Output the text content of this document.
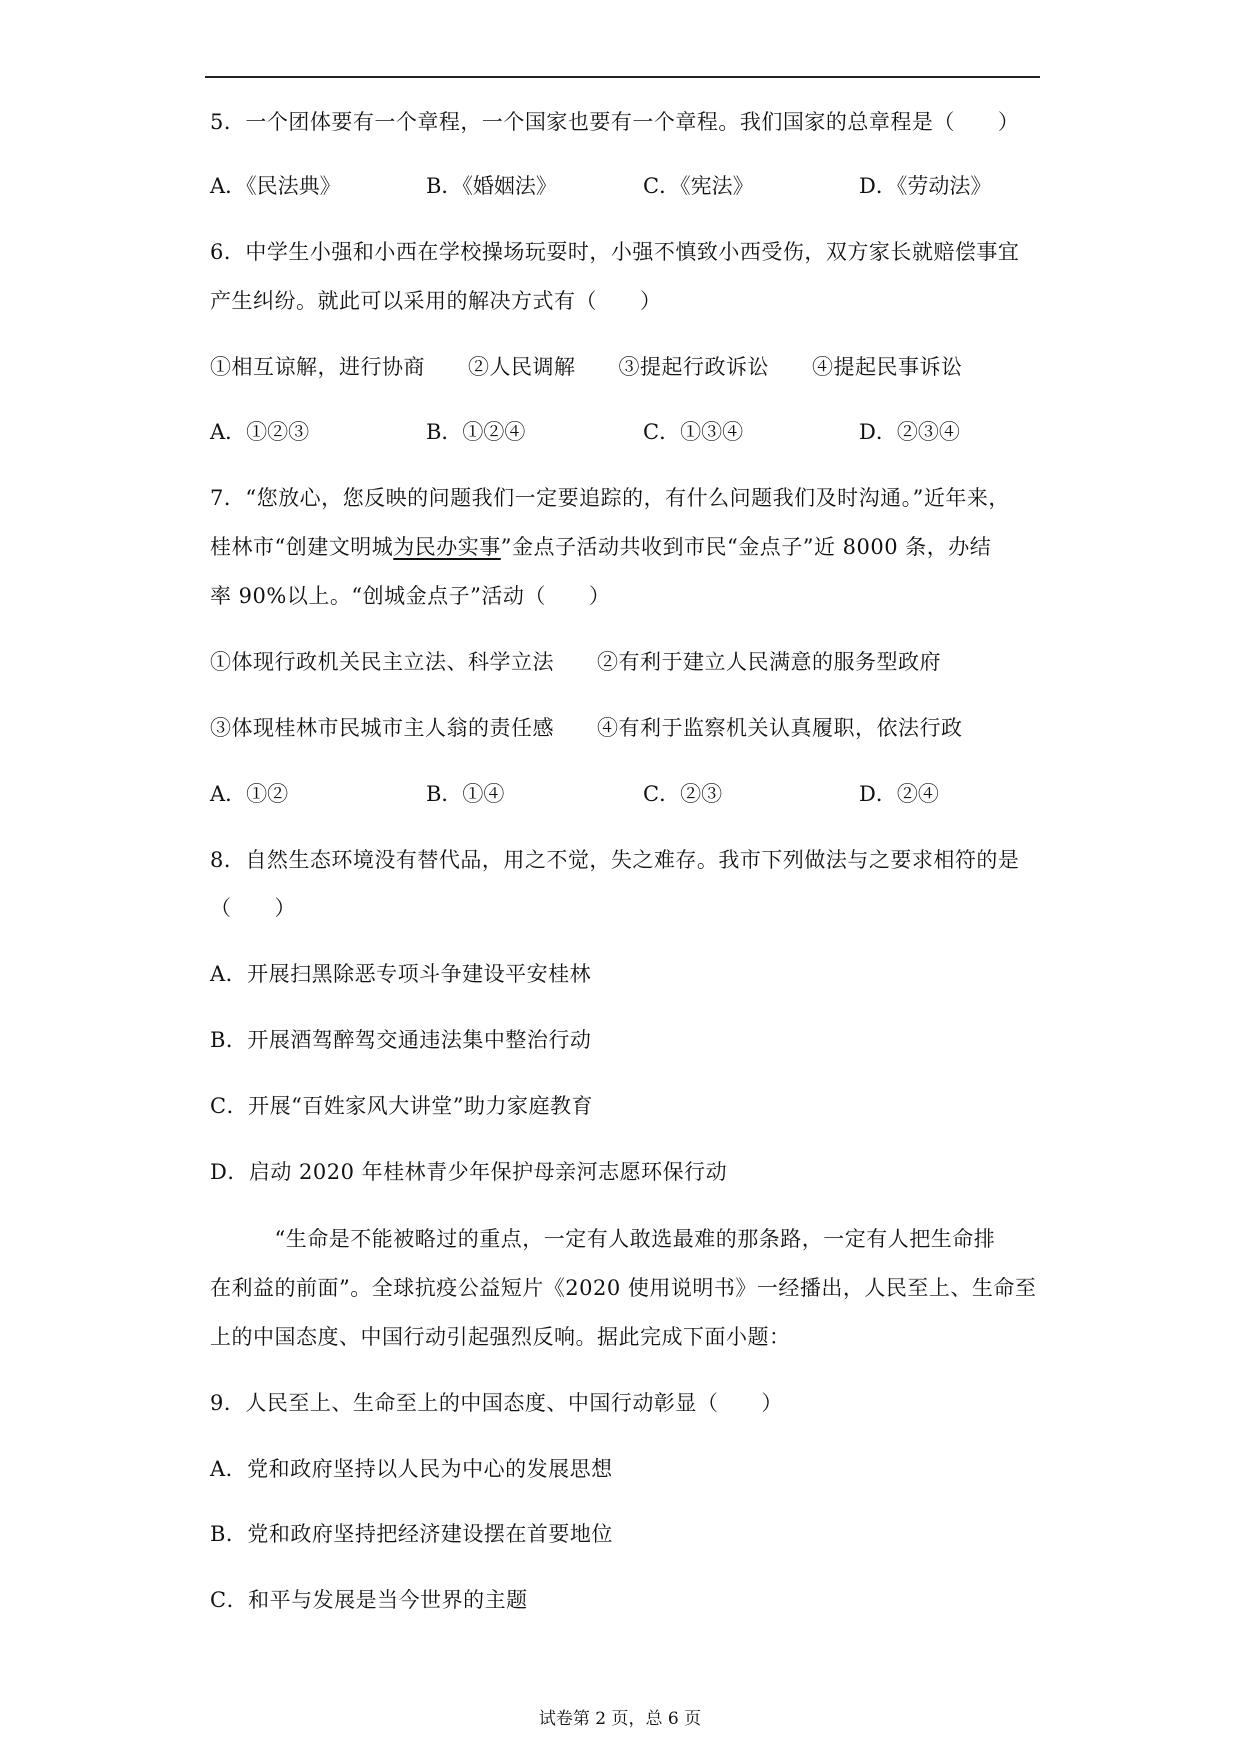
5．一个团体要有一个章程，一个国家也要有一个章程。我们国家的总章程是（　　）
A．《民法典》	B．《婚姻法》	C．《宪法》	D．《劳动法》
6．中学生小强和小西在学校操场玩耍时，小强不慎致小西受伤，双方家长就赔偿事宜
产生纠纷。就此可以采用的解决方式有（　　）
①相互谅解，进行协商　　②人民调解　　③提起行政诉讼　　④提起民事诉讼
A．①②③	B．①②④	C．①③④	D．②③④
7．“您放心，您反映的问题我们一定要追踪的，有什么问题我们及时沟通。”近年来，
桂林市“创建文明城为民办实事”金点子活动共收到市民“金点子”近 8000 条，办结
率 90%以上。“创城金点子”活动（　　）
①体现行政机关民主立法、科学立法　　②有利于建立人民满意的服务型政府
③体现桂林市民城市主人翁的责任感　　④有利于监察机关认真履职，依法行政
A．①②	B．①④	C．②③	D．②④
8．自然生态环境没有替代品，用之不觉，失之难存。我市下列做法与之要求相符的是
（　　）
A．开展扫黑除恶专项斗争建设平安桂林
B．开展酒驾醉驾交通违法集中整治行动
C．开展“百姓家风大讲堂”助力家庭教育
D．启动 2020 年桂林青少年保护母亲河志愿环保行动
　　　“生命是不能被略过的重点，一定有人敢选最难的那条路，一定有人把生命排
在利益的前面”。全球抗疫公益短片《2020 使用说明书》一经播出，人民至上、生命至
上的中国态度、中国行动引起强烈反响。据此完成下面小题：
9．人民至上、生命至上的中国态度、中国行动彰显（　　）
A．党和政府坚持以人民为中心的发展思想
B．党和政府坚持把经济建设摆在首要地位
C．和平与发展是当今世界的主题
试卷第 2 页，总 6 页
